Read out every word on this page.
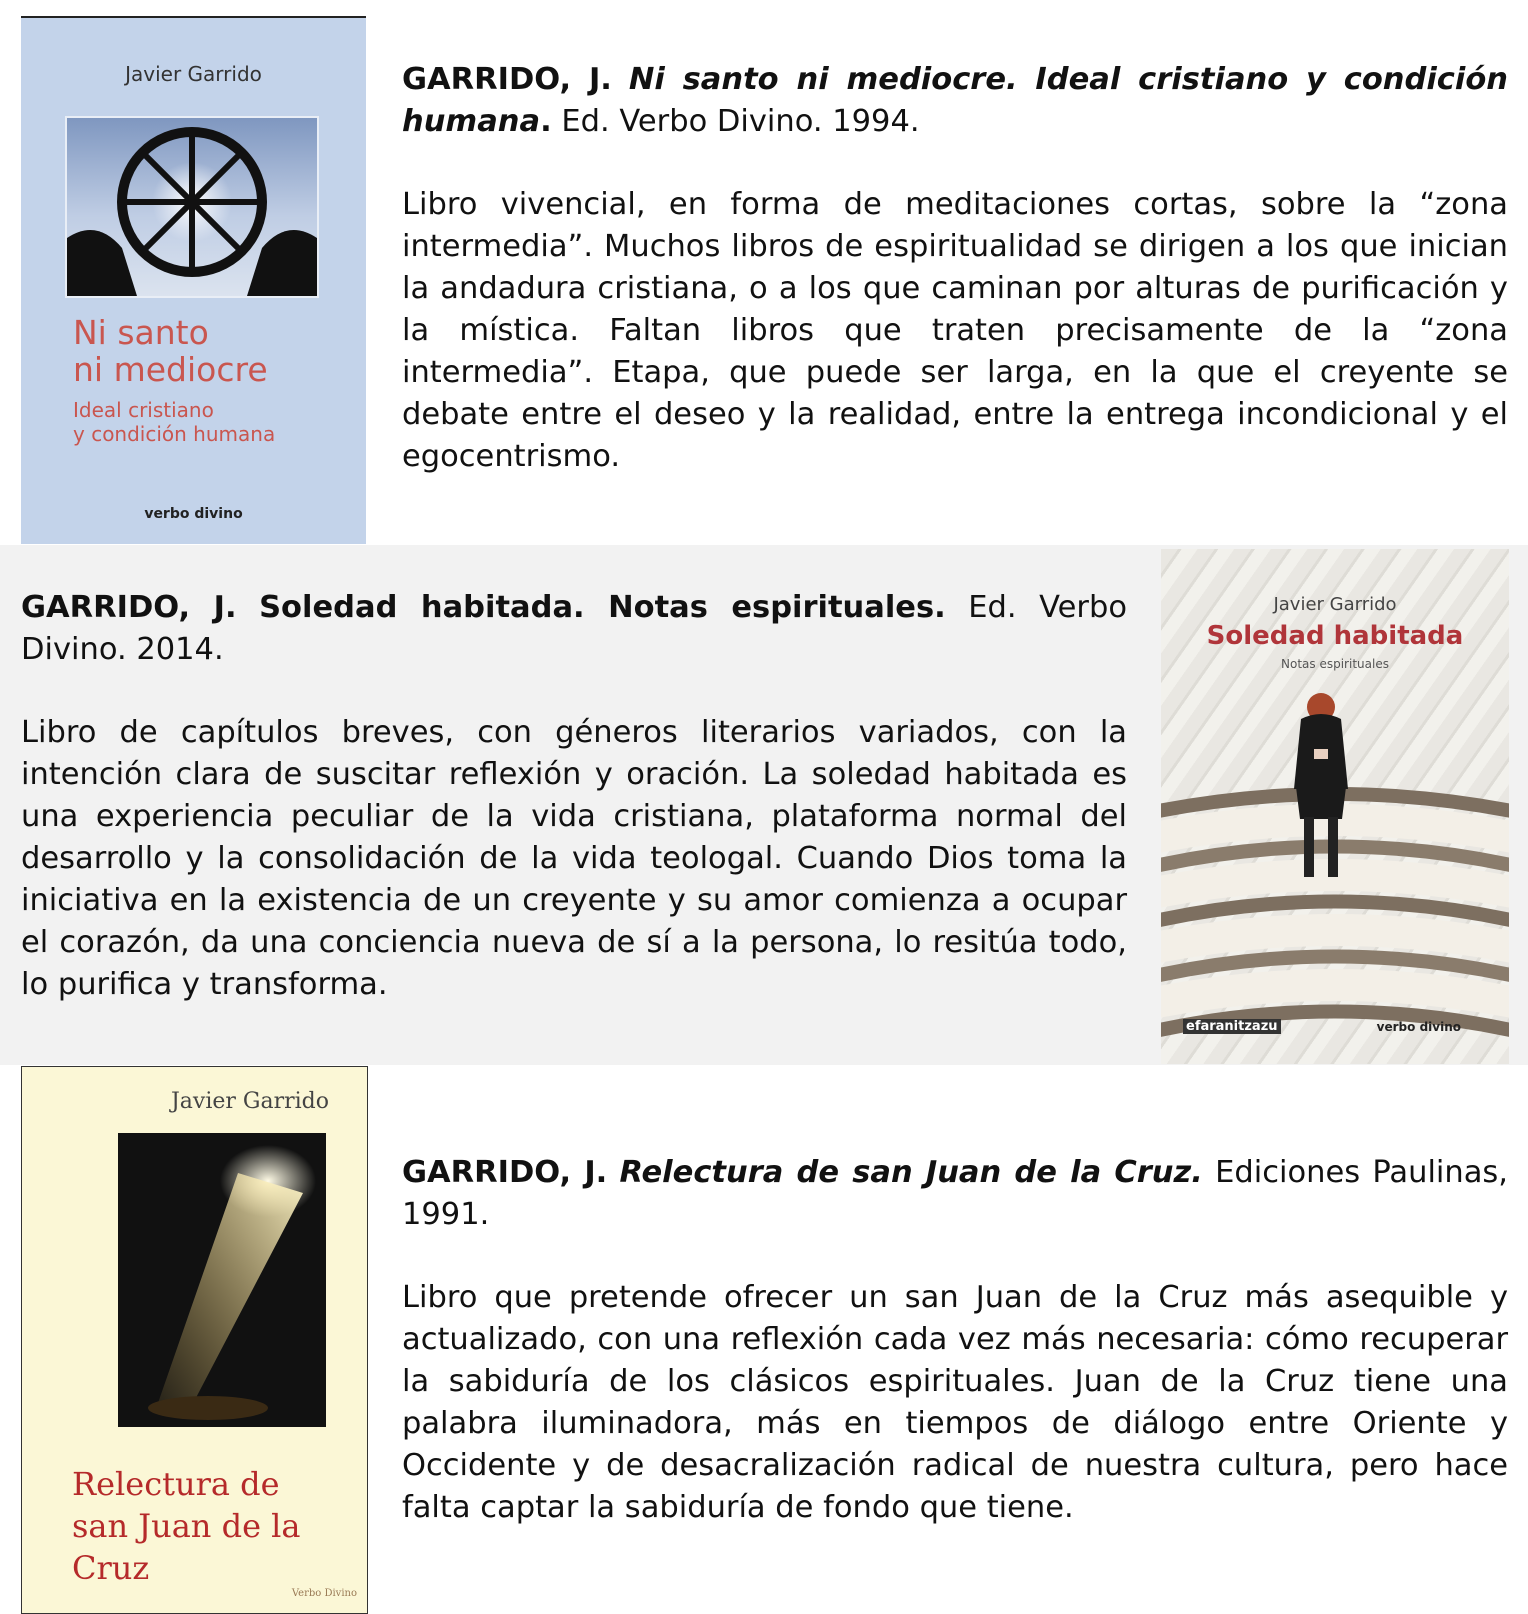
Javier Garrido
Ni santo
ni mediocre
Ideal cristiano
y condición humana
verbo divino

GARRIDO, J. Ni santo ni mediocre. Ideal cristiano y condición humana. Ed. Verbo Divino. 1994.

Libro vivencial, en forma de meditaciones cortas, sobre la “zona intermedia”. Muchos libros de espiritualidad se dirigen a los que inician la andadura cristiana, o a los que caminan por alturas de purificación y la mística. Faltan libros que traten precisamente de la “zona intermedia”. Etapa, que puede ser larga, en la que el creyente se debate entre el deseo y la realidad, entre la entrega incondicional y el egocentrismo.

GARRIDO, J. Soledad habitada. Notas espirituales. Ed. Verbo Divino. 2014.

Libro de capítulos breves, con géneros literarios variados, con la intención clara de suscitar reflexión y oración. La soledad habitada es una experiencia peculiar de la vida cristiana, plataforma normal del desarrollo y la consolidación de la vida teologal. Cuando Dios toma la iniciativa en la existencia de un creyente y su amor comienza a ocupar el corazón, da una conciencia nueva de sí a la persona, lo resitúa todo, lo purifica y transforma.

Javier Garrido
Soledad habitada
Notas espirituales
efaranitzazu	verbo divino
Javier Garrido
Relectura de
san Juan de la Cruz
Verbo Divino

GARRIDO, J. Relectura de san Juan de la Cruz. Ediciones Paulinas, 1991.

Libro que pretende ofrecer un san Juan de la Cruz más asequible y actualizado, con una reflexión cada vez más necesaria: cómo recuperar la sabiduría de los clásicos espirituales. Juan de la Cruz tiene una palabra iluminadora, más en tiempos de diálogo entre Oriente y Occidente y de desacralización radical de nuestra cultura, pero hace falta captar la sabiduría de fondo que tiene.
